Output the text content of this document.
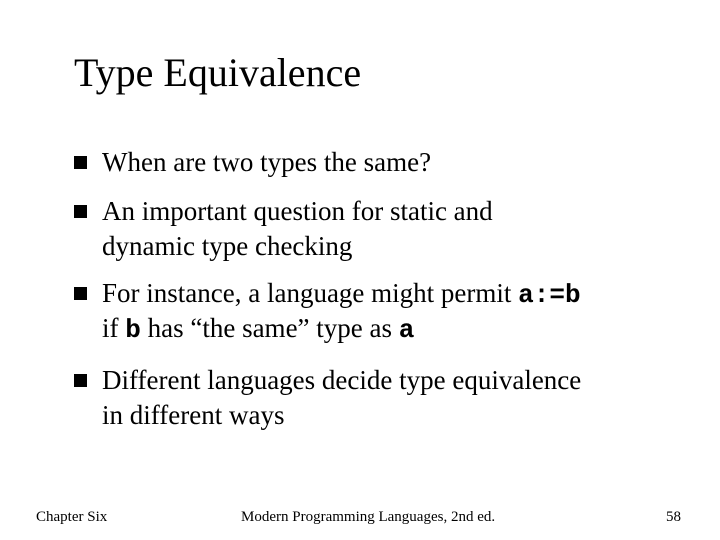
Type Equivalence
When are two types the same?
An important question for static and
dynamic type checking
For instance, a language might permit a:=b
if b has “the same” type as a
Different languages decide type equivalence
in different ways
Chapter Six	Modern Programming Languages, 2nd ed.	58
